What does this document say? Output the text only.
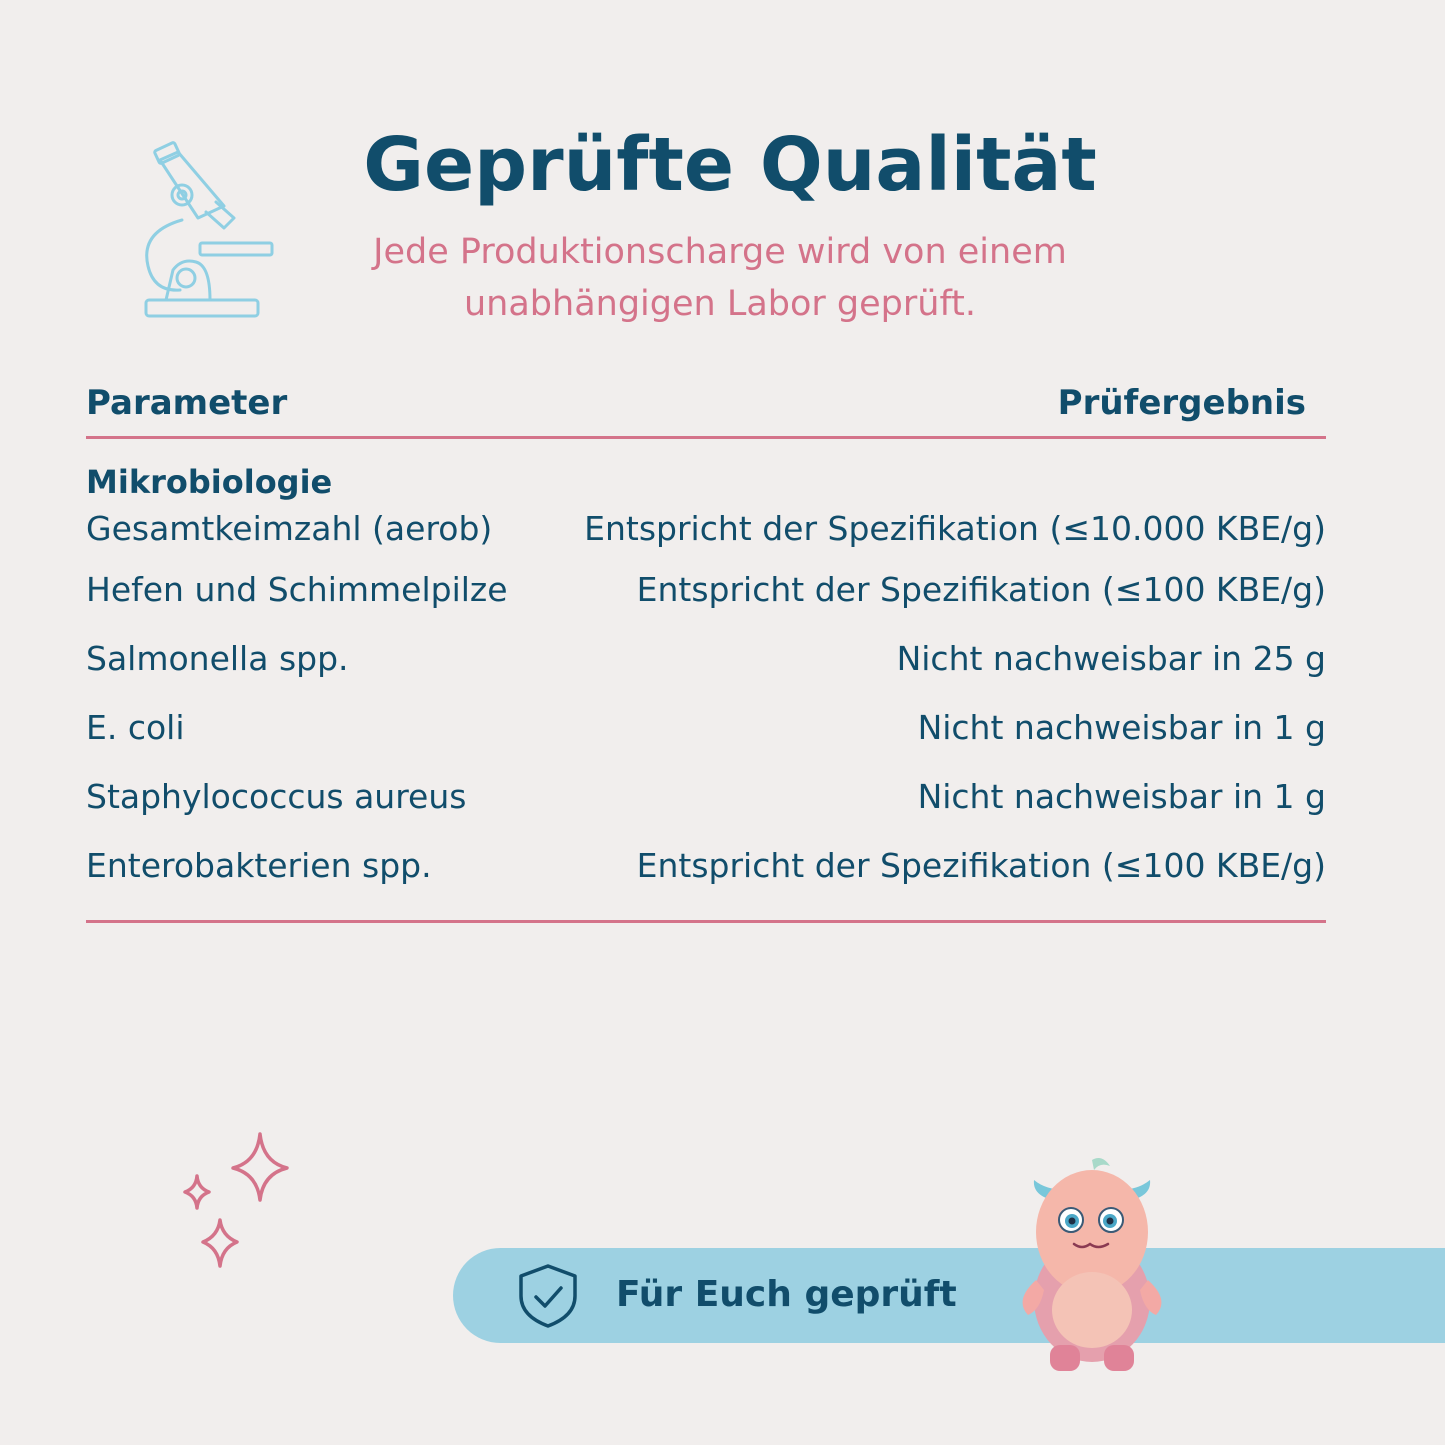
Geprüfte Qualität
Jede Produktionscharge wird von einem
unabhängigen Labor geprüft.
Parameter	Prüfergebnis
Mikrobiologie
Gesamtkeimzahl (aerob)	Entspricht der Spezifikation (≤10.000 KBE/g)
Hefen und Schimmelpilze	Entspricht der Spezifikation (≤100 KBE/g)
Salmonella spp.	Nicht nachweisbar in 25 g
E. coli	Nicht nachweisbar in 1 g
Staphylococcus aureus	Nicht nachweisbar in 1 g
Enterobakterien spp.	Entspricht der Spezifikation (≤100 KBE/g)
Für Euch geprüft
